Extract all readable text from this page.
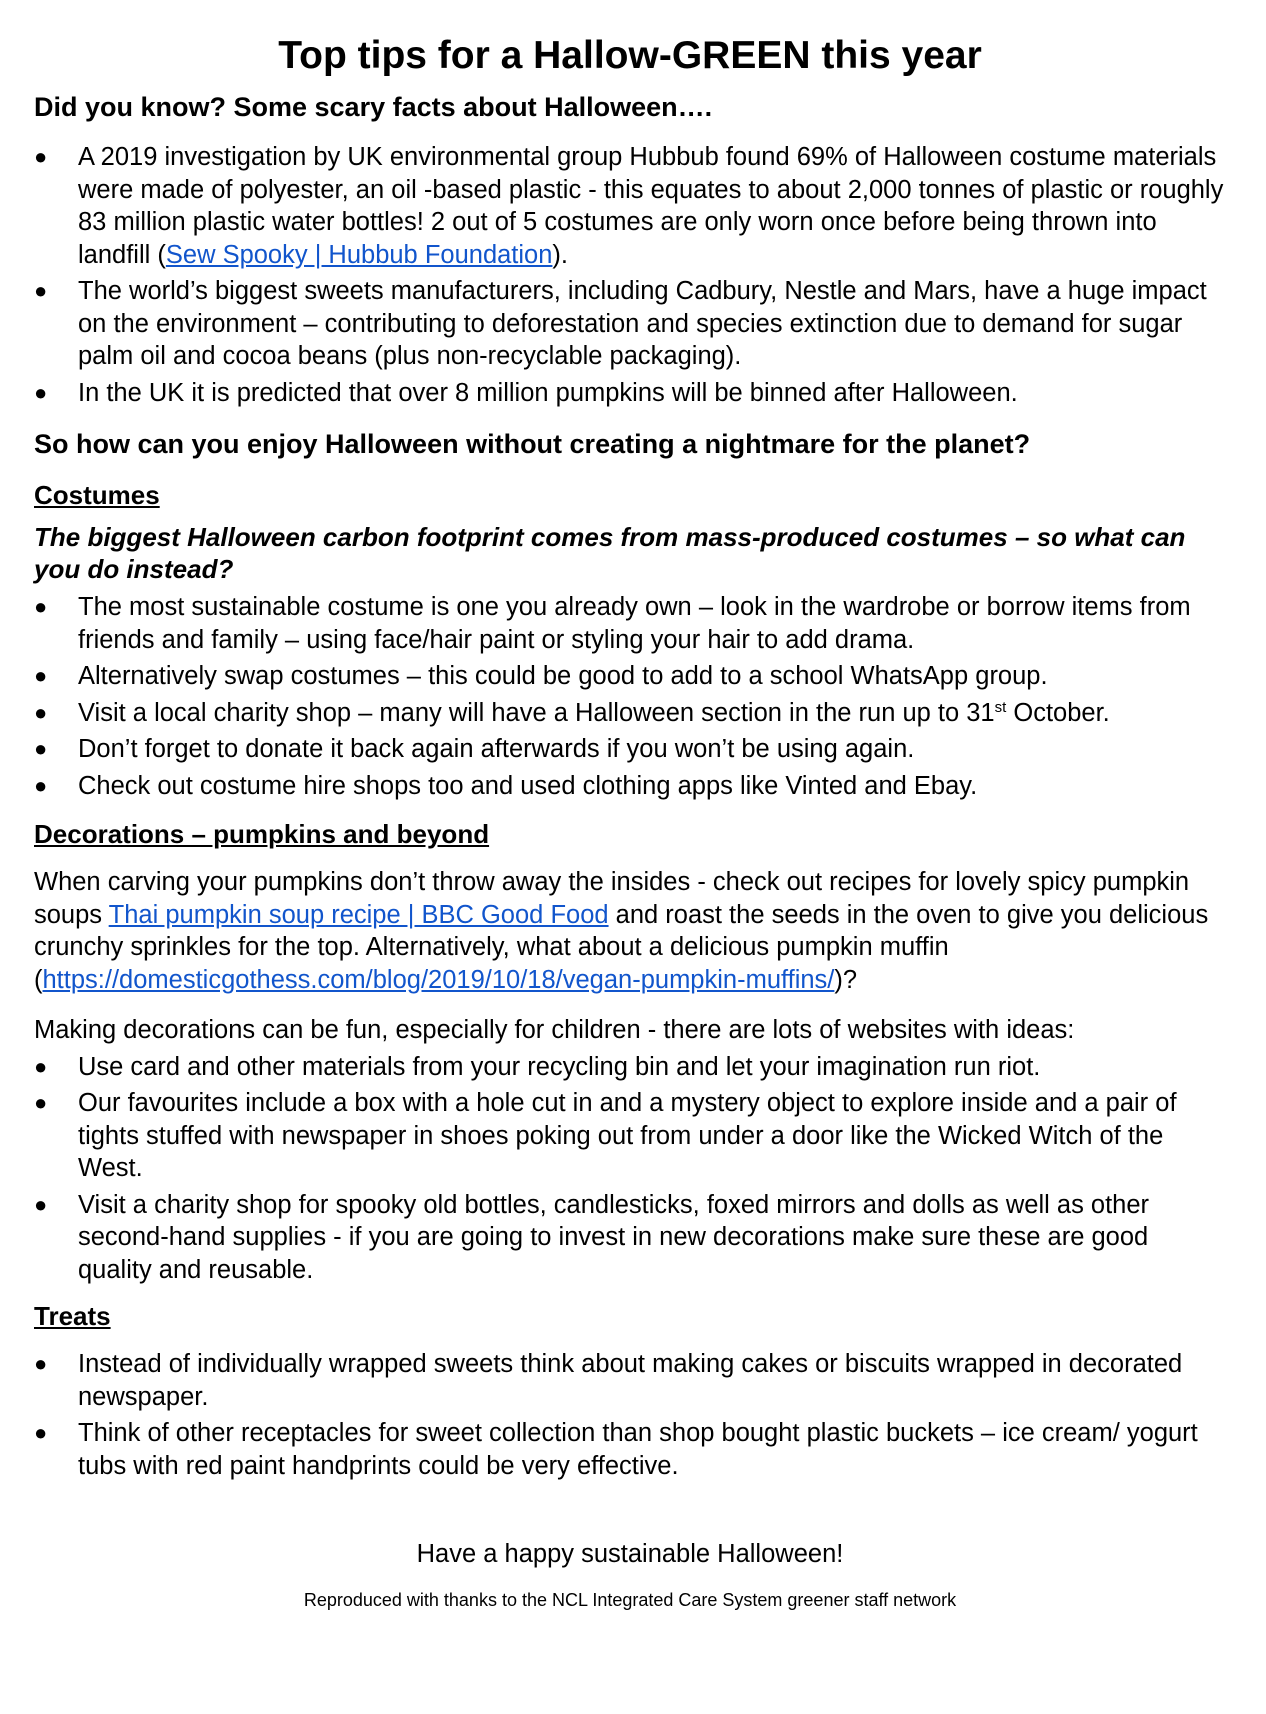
Top tips for a Hallow-GREEN this year
Did you know? Some scary facts about Halloween….
● A 2019 investigation by UK environmental group Hubbub found 69% of Halloween costume materials were made of polyester, an oil -based plastic - this equates to about 2,000 tonnes of plastic or roughly 83 million plastic water bottles! 2 out of 5 costumes are only worn once before being thrown into landfill (Sew Spooky | Hubbub Foundation).
● The world’s biggest sweets manufacturers, including Cadbury, Nestle and Mars, have a huge impact on the environment – contributing to deforestation and species extinction due to demand for sugar palm oil and cocoa beans (plus non-recyclable packaging).
● In the UK it is predicted that over 8 million pumpkins will be binned after Halloween.
So how can you enjoy Halloween without creating a nightmare for the planet?
Costumes

The biggest Halloween carbon footprint comes from mass-produced costumes – so what can you do instead?

● The most sustainable costume is one you already own – look in the wardrobe or borrow items from friends and family – using face/hair paint or styling your hair to add drama.
● Alternatively swap costumes – this could be good to add to a school WhatsApp group.
● Visit a local charity shop – many will have a Halloween section in the run up to 31st October.
● Don’t forget to donate it back again afterwards if you won’t be using again.
● Check out costume hire shops too and used clothing apps like Vinted and Ebay.
Decorations – pumpkins and beyond

When carving your pumpkins don’t throw away the insides - check out recipes for lovely spicy pumpkin soups Thai pumpkin soup recipe | BBC Good Food and roast the seeds in the oven to give you delicious crunchy sprinkles for the top. Alternatively, what about a delicious pumpkin muffin (https://domesticgothess.com/blog/2019/10/18/vegan-pumpkin-muffins/)?

Making decorations can be fun, especially for children - there are lots of websites with ideas:

● Use card and other materials from your recycling bin and let your imagination run riot.
● Our favourites include a box with a hole cut in and a mystery object to explore inside and a pair of tights stuffed with newspaper in shoes poking out from under a door like the Wicked Witch of the West.
● Visit a charity shop for spooky old bottles, candlesticks, foxed mirrors and dolls as well as other second-hand supplies - if you are going to invest in new decorations make sure these are good quality and reusable.
Treats
● Instead of individually wrapped sweets think about making cakes or biscuits wrapped in decorated newspaper.
● Think of other receptacles for sweet collection than shop bought plastic buckets – ice cream/ yogurt tubs with red paint handprints could be very effective.

Have a happy sustainable Halloween!

Reproduced with thanks to the NCL Integrated Care System greener staff network
